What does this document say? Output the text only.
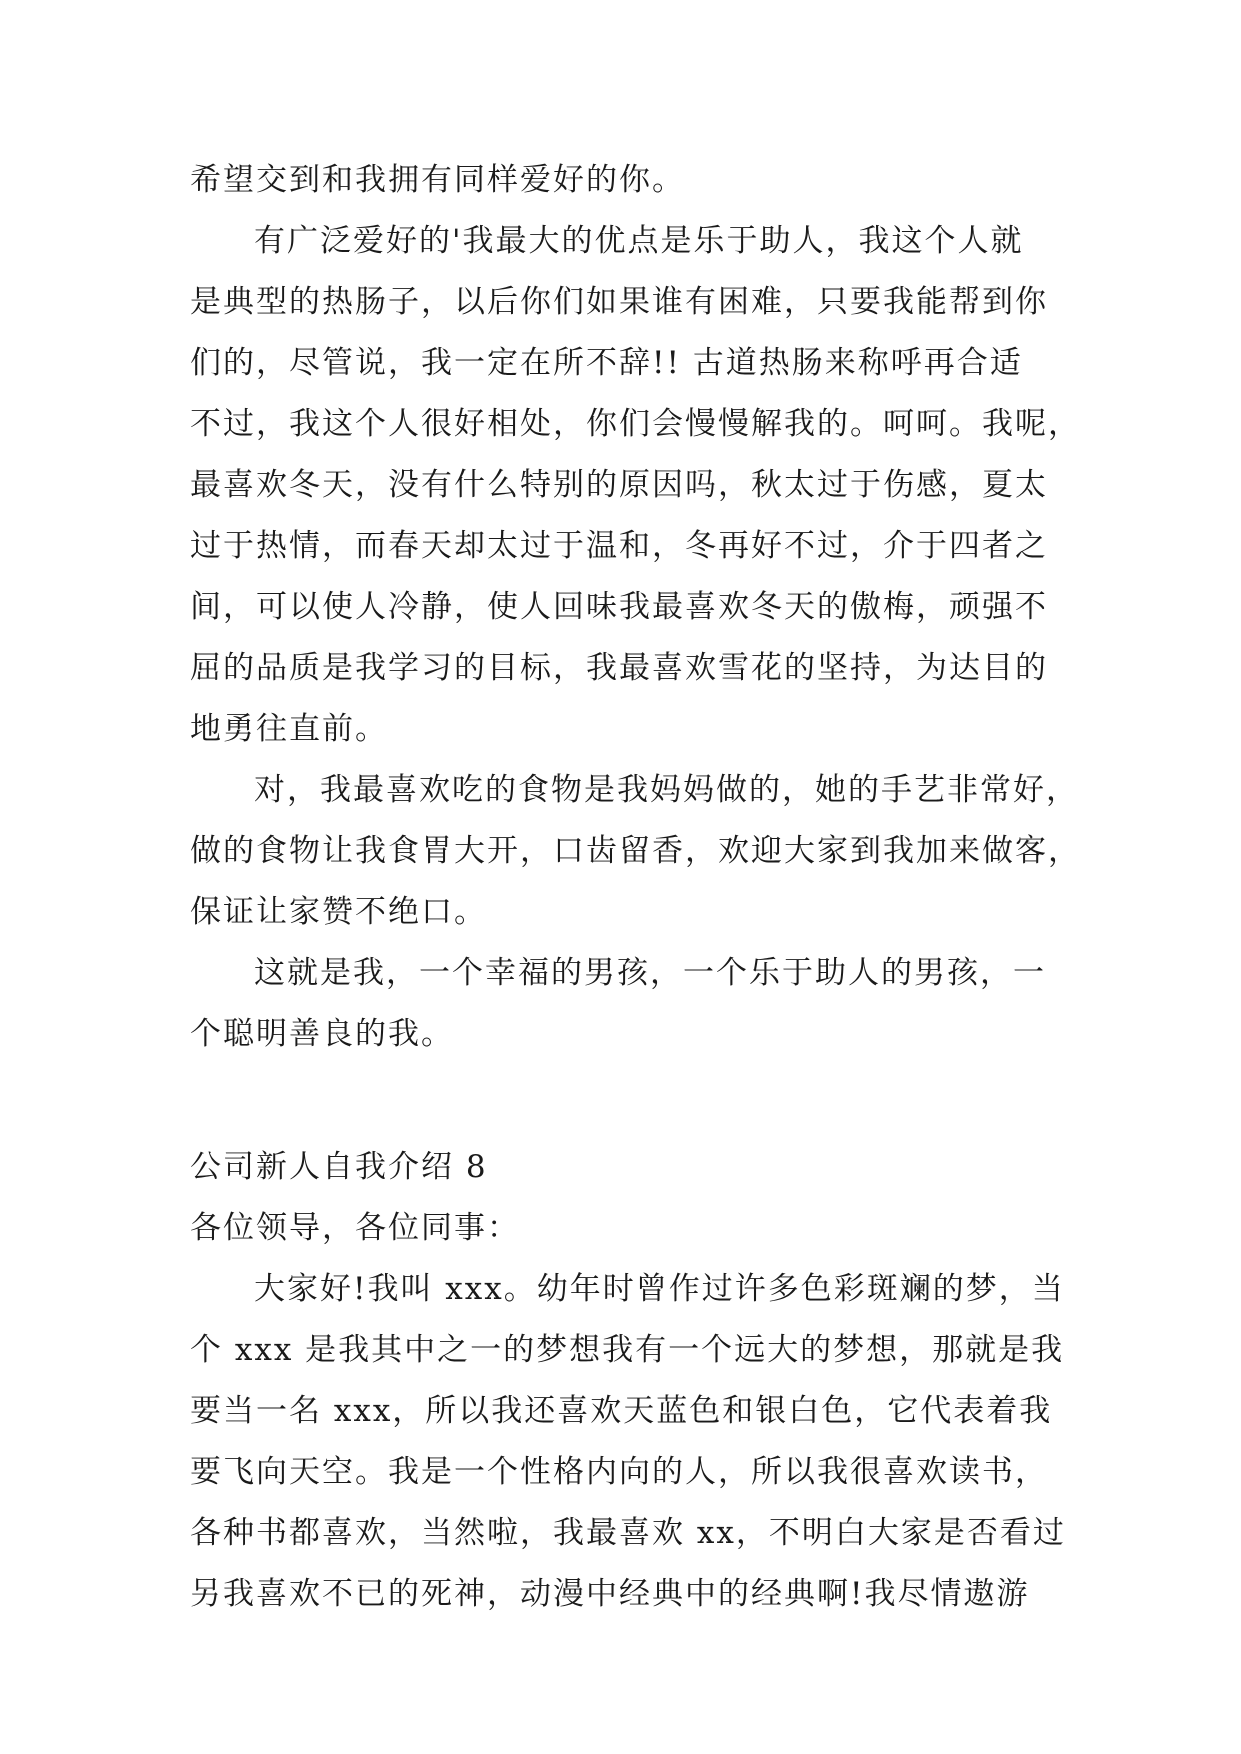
希望交到和我拥有同样爱好的你。
有广泛爱好的'我最大的优点是乐于助人，我这个人就
是典型的热肠子，以后你们如果谁有困难，只要我能帮到你
们的，尽管说，我一定在所不辞!! 古道热肠来称呼再合适
不过，我这个人很好相处，你们会慢慢解我的。呵呵。我呢，
最喜欢冬天，没有什么特别的原因吗，秋太过于伤感，夏太
过于热情，而春天却太过于温和，冬再好不过，介于四者之
间，可以使人冷静，使人回味我最喜欢冬天的傲梅，顽强不
屈的品质是我学习的目标，我最喜欢雪花的坚持，为达目的
地勇往直前。
对，我最喜欢吃的食物是我妈妈做的，她的手艺非常好，
做的食物让我食胃大开，口齿留香，欢迎大家到我加来做客，
保证让家赞不绝口。
这就是我，一个幸福的男孩，一个乐于助人的男孩，一
个聪明善良的我。
公司新人自我介绍 8
各位领导，各位同事：
大家好!我叫 xxx。幼年时曾作过许多色彩斑斓的梦，当
个 xxx 是我其中之一的梦想我有一个远大的梦想，那就是我
要当一名 xxx，所以我还喜欢天蓝色和银白色，它代表着我
要飞向天空。我是一个性格内向的人，所以我很喜欢读书，
各种书都喜欢，当然啦，我最喜欢 xx，不明白大家是否看过
另我喜欢不已的死神，动漫中经典中的经典啊!我尽情遨游
